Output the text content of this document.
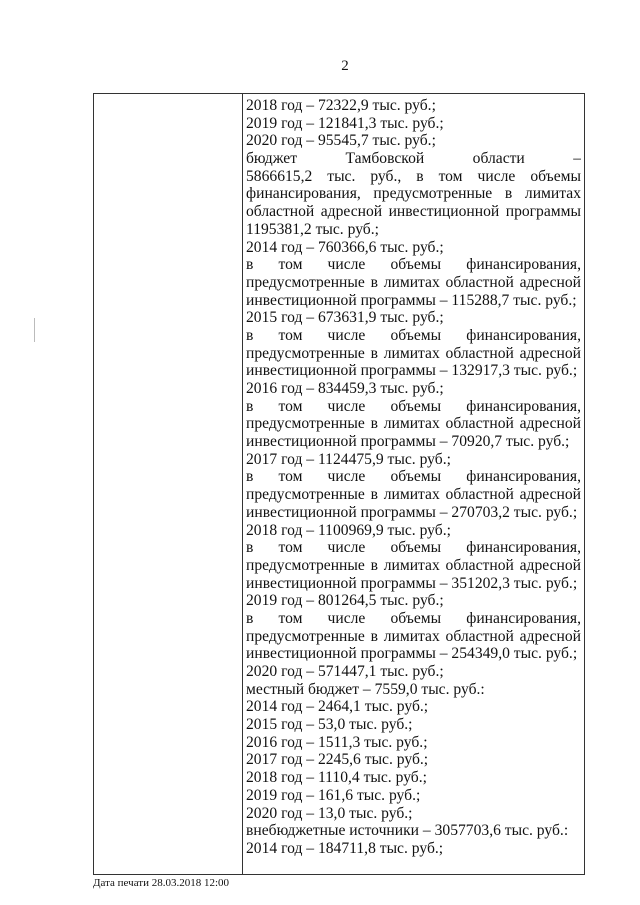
2
2018 год – 72322,9 тыс. руб.;
2019 год – 121841,3 тыс. руб.;
2020 год – 95545,7 тыс. руб.;
бюджет Тамбовской области –
5866615,2 тыс. руб., в том числе объемы
финансирования, предусмотренные в лимитах
областной адресной инвестиционной программы
1195381,2 тыс. руб.;
2014 год – 760366,6 тыс. руб.;
в том числе объемы финансирования,
предусмотренные в лимитах областной адресной
инвестиционной программы – 115288,7 тыс. руб.;
2015 год – 673631,9 тыс. руб.;
в том числе объемы финансирования,
предусмотренные в лимитах областной адресной
инвестиционной программы – 132917,3 тыс. руб.;
2016 год – 834459,3 тыс. руб.;
в том числе объемы финансирования,
предусмотренные в лимитах областной адресной
инвестиционной программы – 70920,7 тыс. руб.;
2017 год – 1124475,9 тыс. руб.;
в том числе объемы финансирования,
предусмотренные в лимитах областной адресной
инвестиционной программы – 270703,2 тыс. руб.;
2018 год – 1100969,9 тыс. руб.;
в том числе объемы финансирования,
предусмотренные в лимитах областной адресной
инвестиционной программы – 351202,3 тыс. руб.;
2019 год – 801264,5 тыс. руб.;
в том числе объемы финансирования,
предусмотренные в лимитах областной адресной
инвестиционной программы – 254349,0 тыс. руб.;
2020 год – 571447,1 тыс. руб.;
местный бюджет – 7559,0 тыс. руб.:
2014 год – 2464,1 тыс. руб.;
2015 год – 53,0 тыс. руб.;
2016 год – 1511,3 тыс. руб.;
2017 год – 2245,6 тыс. руб.;
2018 год – 1110,4 тыс. руб.;
2019 год – 161,6 тыс. руб.;
2020 год – 13,0 тыс. руб.;
внебюджетные источники – 3057703,6 тыс. руб.:
2014 год – 184711,8 тыс. руб.;
Дата печати 28.03.2018 12:00
